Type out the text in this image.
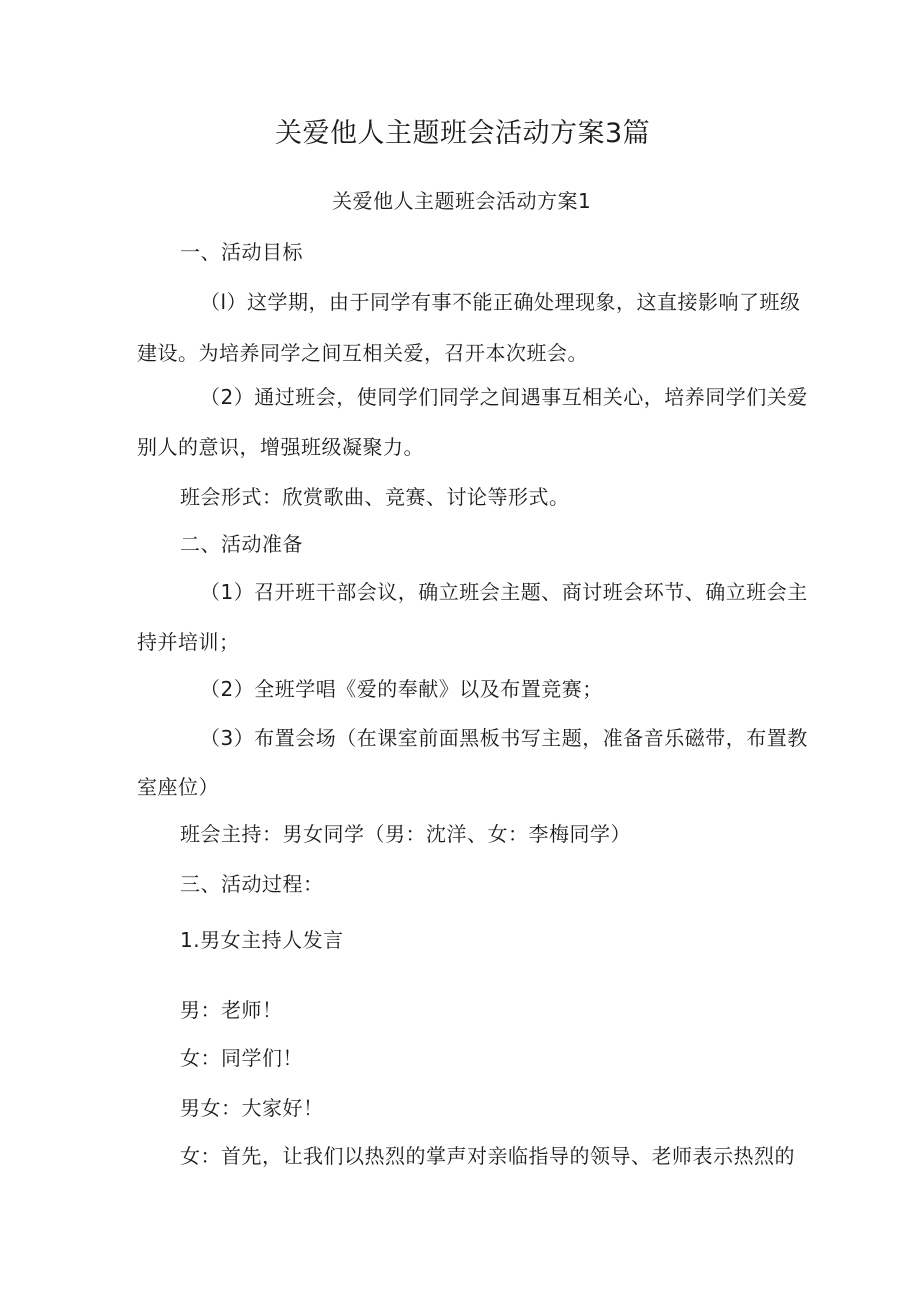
关爱他人主题班会活动方案3篇
关爱他人主题班会活动方案1
一、活动目标
（l）这学期，由于同学有事不能正确处理现象，这直接影响了班级
建设。为培养同学之间互相关爱，召开本次班会。
（2）通过班会，使同学们同学之间遇事互相关心，培养同学们关爱
别人的意识，增强班级凝聚力。
班会形式：欣赏歌曲、竞赛、讨论等形式。
二、活动准备
（1）召开班干部会议，确立班会主题、商讨班会环节、确立班会主
持并培训；
（2）全班学唱《爱的奉献》以及布置竞赛；
（3）布置会场（在课室前面黑板书写主题，准备音乐磁带，布置教
室座位）
班会主持：男女同学（男：沈洋、女：李梅同学）
三、活动过程：
1.男女主持人发言
男：老师！
女：同学们！
男女：大家好！
女：首先，让我们以热烈的掌声对亲临指导的领导、老师表示热烈的
